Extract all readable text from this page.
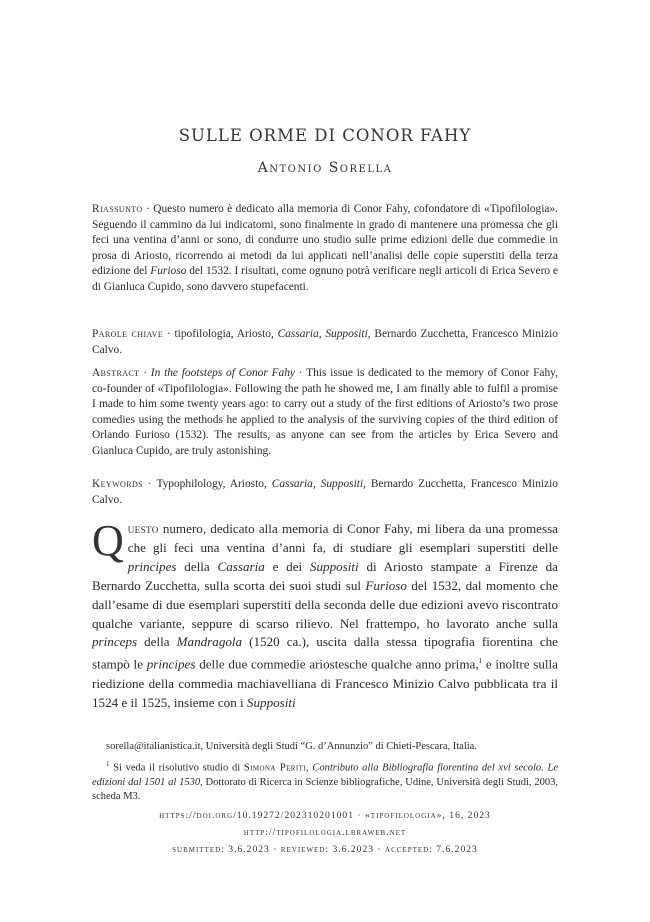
SULLE ORME DI CONOR FAHY
Antonio Sorella
Riassunto · Questo numero è dedicato alla memoria di Conor Fahy, cofondatore di «Tipofilologia». Seguendo il cammino da lui indicatomi, sono finalmente in grado di mantenere una promessa che gli feci una ventina d’anni or sono, di condurre uno studio sulle prime edizioni delle due commedie in prosa di Ariosto, ricorrendo ai metodi da lui applicati nell’analisi delle copie superstiti della terza edizione del Furioso del 1532. I risultati, come ognuno potrà verificare negli articoli di Erica Severo e di Gianluca Cupido, sono davvero stupefacenti.
Parole chiave · tipofilologia, Ariosto, Cassaria, Suppositi, Bernardo Zucchetta, Francesco Minizio Calvo.
Abstract · In the footsteps of Conor Fahy · This issue is dedicated to the memory of Conor Fahy, co-founder of «Tipofilologia». Following the path he showed me, I am finally able to fulfil a promise I made to him some twenty years ago: to carry out a study of the first editions of Ariosto’s two prose comedies using the methods he applied to the analysis of the surviving copies of the third edition of Orlando Furioso (1532). The results, as anyone can see from the articles by Erica Severo and Gianluca Cupido, are truly astonishing.
Keywords · Typophilology, Ariosto, Cassaria, Suppositi, Bernardo Zucchetta, Francesco Minizio Calvo.
Questo numero, dedicato alla memoria di Conor Fahy, mi libera da una promessa che gli feci una ventina d’anni fa, di studiare gli esemplari superstiti delle principes della Cassaria e dei Suppositi di Ariosto stampate a Firenze da Bernardo Zucchetta, sulla scorta dei suoi studi sul Furioso del 1532, dal momento che dall’esame di due esemplari superstiti della seconda delle due edizioni avevo riscontrato qualche variante, seppure di scarso rilievo. Nel frattempo, ho lavorato anche sulla princeps della Mandragola (1520 ca.), uscita dalla stessa tipografia fiorentina che stampò le principes delle due commedie ariostesche qualche anno prima,$^1$ e inoltre sulla riedizione della commedia machiavelliana di Francesco Minizio Calvo pubblicata tra il 1524 e il 1525, insieme con i Suppositi
sorella@italianistica.it, Università degli Studi “G. d’Annunzio” di Chieti-Pescara, Italia.
$^1$ Si veda il risolutivo studio di Simona Periti, Contributo alla Bibliografia fiorentina del xvi secolo. Le edizioni dal 1501 al 1530, Dottorato di Ricerca in Scienze bibliografiche, Udine, Università degli Studi, 2003, scheda M3.
https://doi.org/10.19272/202310201001 · «tipofilologia», 16, 2023
http://tipofilologia.lbraweb.net
submitted: 3.6.2023 · reviewed: 3.6.2023 · accepted: 7.6.2023
